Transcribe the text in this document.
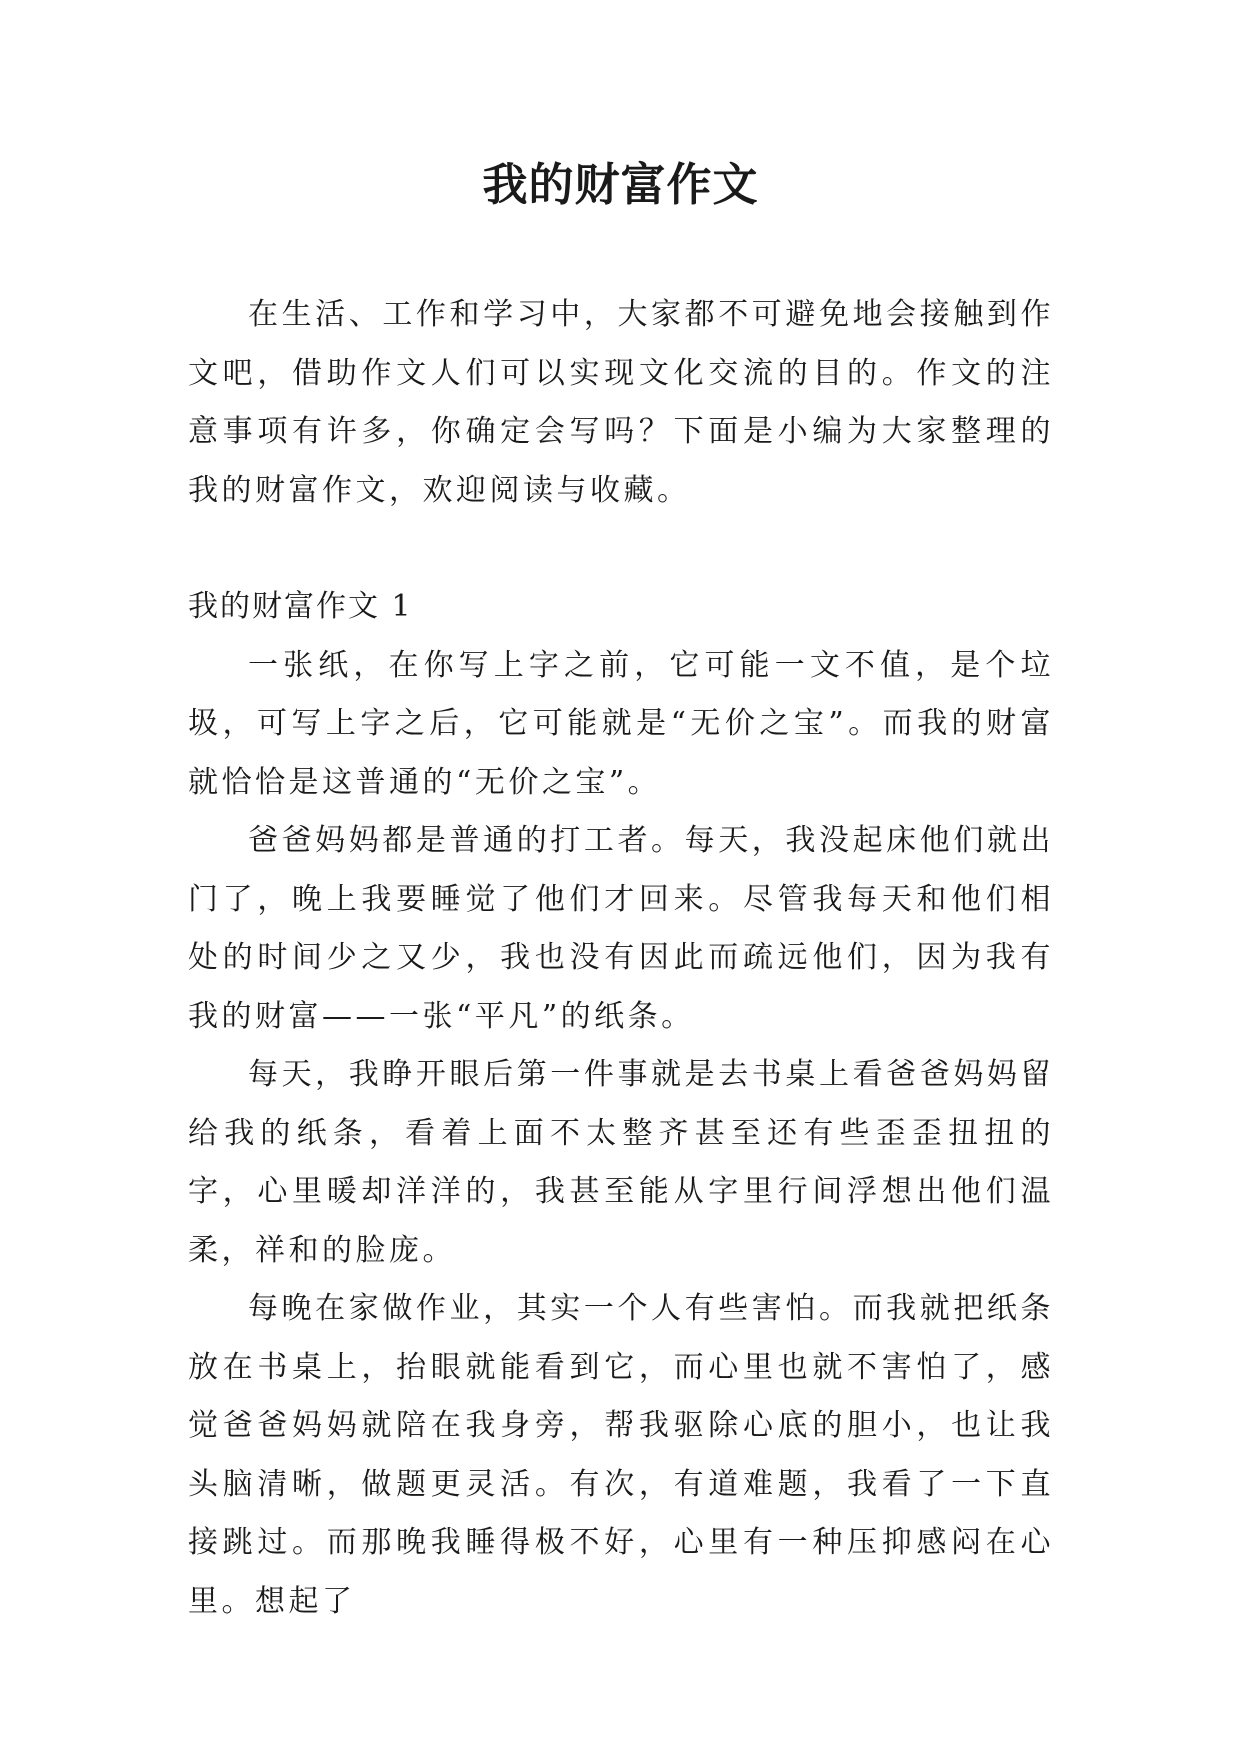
我的财富作文

在生活、工作和学习中，大家都不可避免地会接触到作文吧，借助作文人们可以实现文化交流的目的。作文的注意事项有许多，你确定会写吗？下面是小编为大家整理的我的财富作文，欢迎阅读与收藏。

我的财富作文 1

一张纸，在你写上字之前，它可能一文不值，是个垃圾，可写上字之后，它可能就是“无价之宝”。而我的财富就恰恰是这普通的“无价之宝”。

爸爸妈妈都是普通的打工者。每天，我没起床他们就出门了，晚上我要睡觉了他们才回来。尽管我每天和他们相处的时间少之又少，我也没有因此而疏远他们，因为我有我的财富——一张“平凡”的纸条。

每天，我睁开眼后第一件事就是去书桌上看爸爸妈妈留给我的纸条，看着上面不太整齐甚至还有些歪歪扭扭的字，心里暖却洋洋的，我甚至能从字里行间浮想出他们温柔，祥和的脸庞。

每晚在家做作业，其实一个人有些害怕。而我就把纸条放在书桌上，抬眼就能看到它，而心里也就不害怕了，感觉爸爸妈妈就陪在我身旁，帮我驱除心底的胆小，也让我头脑清晰，做题更灵活。有次，有道难题，我看了一下直接跳过。而那晚我睡得极不好，心里有一种压抑感闷在心里。想起了
